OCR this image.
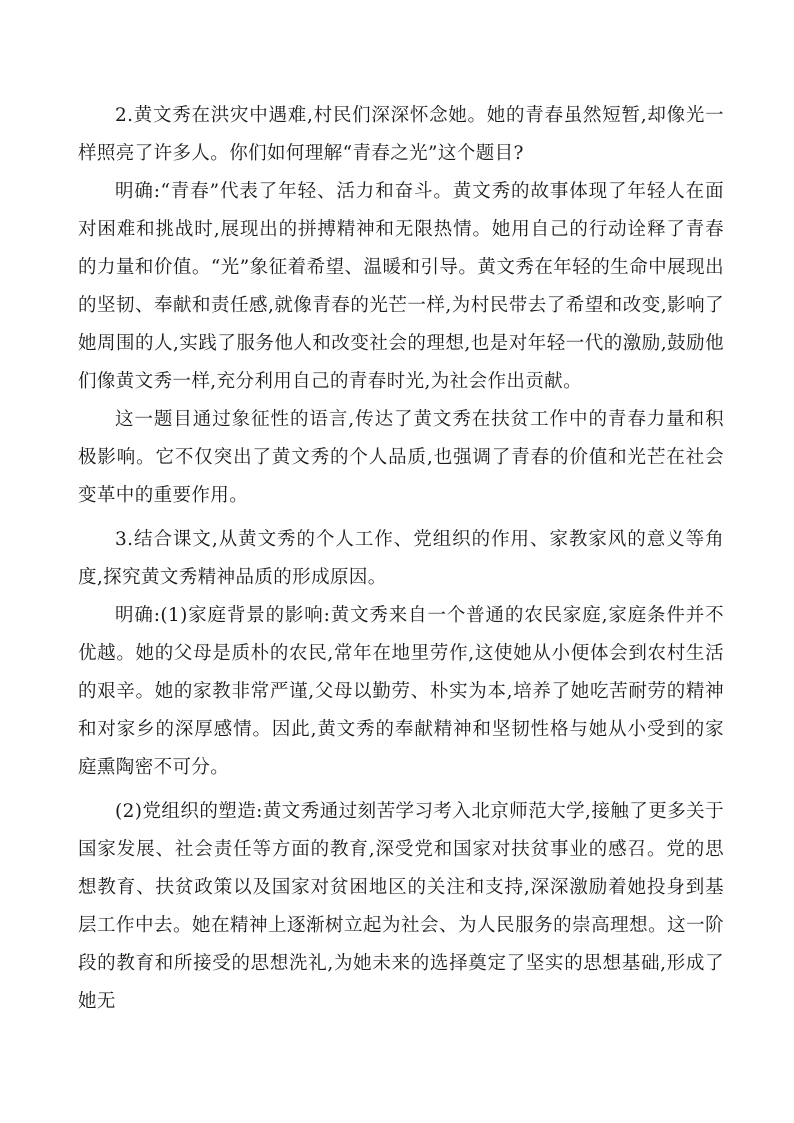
2.黄文秀在洪灾中遇难,村民们深深怀念她。她的青春虽然短暂,却像光一样照亮了许多人。你们如何理解“青春之光”这个题目?

明确:“青春”代表了年轻、活力和奋斗。黄文秀的故事体现了年轻人在面对困难和挑战时,展现出的拼搏精神和无限热情。她用自己的行动诠释了青春的力量和价值。“光”象征着希望、温暖和引导。黄文秀在年轻的生命中展现出的坚韧、奉献和责任感,就像青春的光芒一样,为村民带去了希望和改变,影响了她周围的人,实践了服务他人和改变社会的理想,也是对年轻一代的激励,鼓励他们像黄文秀一样,充分利用自己的青春时光,为社会作出贡献。

这一题目通过象征性的语言,传达了黄文秀在扶贫工作中的青春力量和积极影响。它不仅突出了黄文秀的个人品质,也强调了青春的价值和光芒在社会变革中的重要作用。

3.结合课文,从黄文秀的个人工作、党组织的作用、家教家风的意义等角度,探究黄文秀精神品质的形成原因。

明确:(1)家庭背景的影响:黄文秀来自一个普通的农民家庭,家庭条件并不优越。她的父母是质朴的农民,常年在地里劳作,这使她从小便体会到农村生活的艰辛。她的家教非常严谨,父母以勤劳、朴实为本,培养了她吃苦耐劳的精神和对家乡的深厚感情。因此,黄文秀的奉献精神和坚韧性格与她从小受到的家庭熏陶密不可分。

(2)党组织的塑造:黄文秀通过刻苦学习考入北京师范大学,接触了更多关于国家发展、社会责任等方面的教育,深受党和国家对扶贫事业的感召。党的思想教育、扶贫政策以及国家对贫困地区的关注和支持,深深激励着她投身到基层工作中去。她在精神上逐渐树立起为社会、为人民服务的崇高理想。这一阶段的教育和所接受的思想洗礼,为她未来的选择奠定了坚实的思想基础,形成了她无
